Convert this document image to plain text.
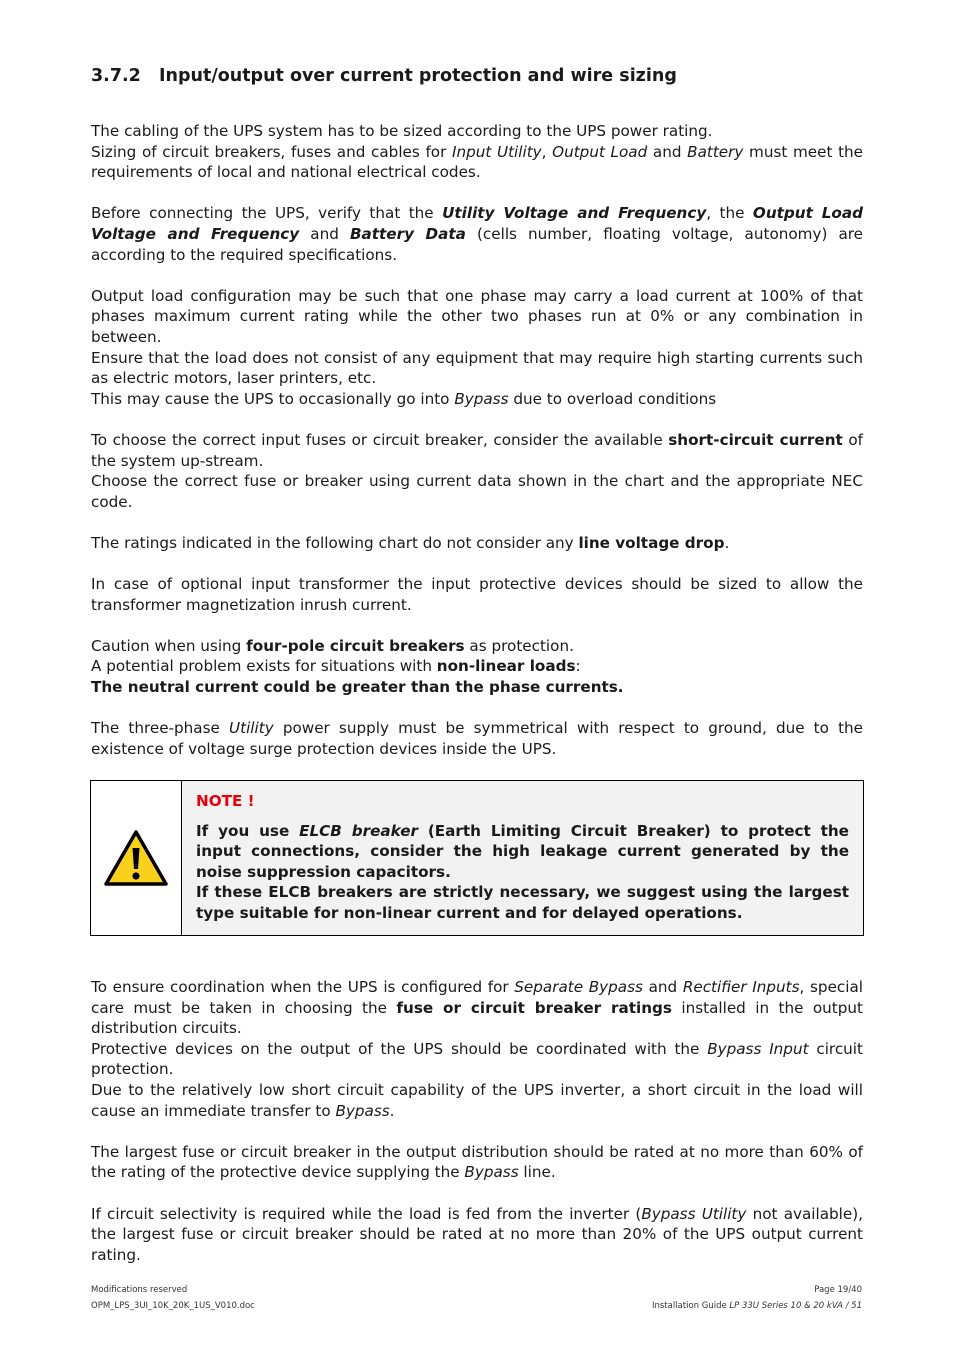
3.7.2 Input/output over current protection and wire sizing

The cabling of the UPS system has to be sized according to the UPS power rating.

Sizing of circuit breakers, fuses and cables for Input Utility, Output Load and Battery must meet the requirements of local and national electrical codes.

Before connecting the UPS, verify that the Utility Voltage and Frequency, the Output Load Voltage and Frequency and Battery Data (cells number, floating voltage, autonomy) are according to the required specifications.

Output load configuration may be such that one phase may carry a load current at 100% of that phases maximum current rating while the other two phases run at 0% or any combination in between.

Ensure that the load does not consist of any equipment that may require high starting currents such as electric motors, laser printers, etc.

This may cause the UPS to occasionally go into Bypass due to overload conditions

To choose the correct input fuses or circuit breaker, consider the available short-circuit current of the system up-stream.

Choose the correct fuse or breaker using current data shown in the chart and the appropriate NEC code.

The ratings indicated in the following chart do not consider any line voltage drop.

In case of optional input transformer the input protective devices should be sized to allow the transformer magnetization inrush current.

Caution when using four-pole circuit breakers as protection.

A potential problem exists for situations with non-linear loads:

The neutral current could be greater than the phase currents.

The three-phase Utility power supply must be symmetrical with respect to ground, due to the existence of voltage surge protection devices inside the UPS.

NOTE !

If you use ELCB breaker (Earth Limiting Circuit Breaker) to protect the input connections, consider the high leakage current generated by the noise suppression capacitors.

If these ELCB breakers are strictly necessary, we suggest using the largest type suitable for non-linear current and for delayed operations.

To ensure coordination when the UPS is configured for Separate Bypass and Rectifier Inputs, special care must be taken in choosing the fuse or circuit breaker ratings installed in the output distribution circuits.

Protective devices on the output of the UPS should be coordinated with the Bypass Input circuit protection.

Due to the relatively low short circuit capability of the UPS inverter, a short circuit in the load will cause an immediate transfer to Bypass.

The largest fuse or circuit breaker in the output distribution should be rated at no more than 60% of the rating of the protective device supplying the Bypass line.

If circuit selectivity is required while the load is fed from the inverter (Bypass Utility not available), the largest fuse or circuit breaker should be rated at no more than 20% of the UPS output current rating.

Modifications reserved
OPM_LPS_3UI_10K_20K_1US_V010.doc
Page 19/40
Installation Guide LP 33U Series 10 & 20 kVA / 51
